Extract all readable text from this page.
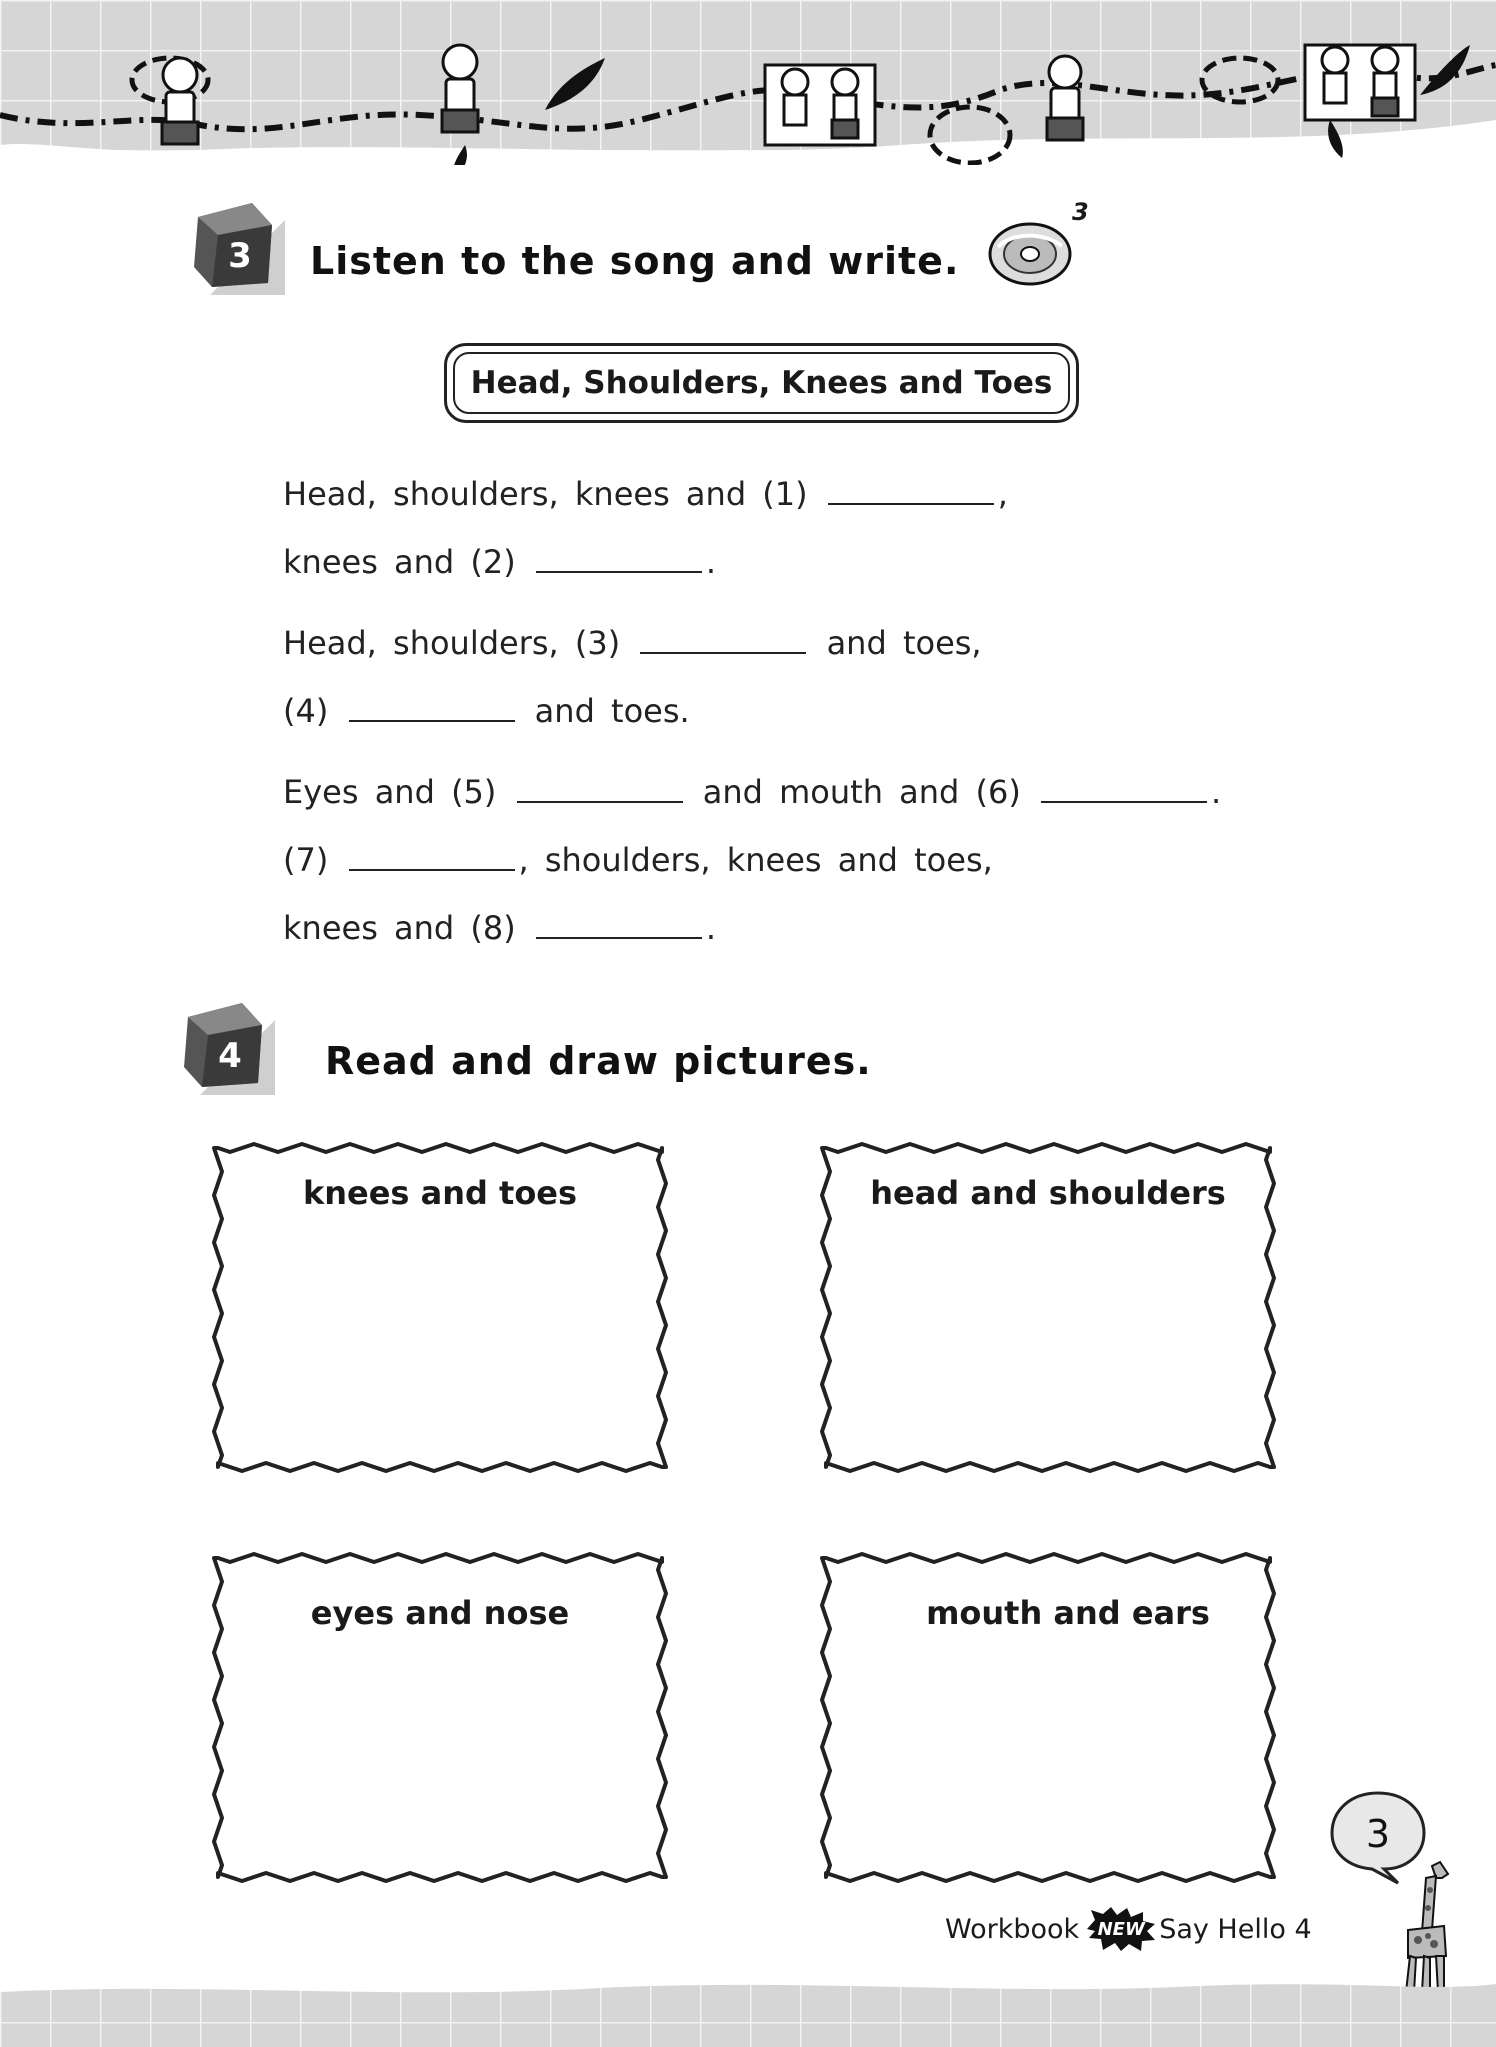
3 Listen to the song and write.
3
Head, Shoulders, Knees and Toes
Head, shoulders, knees and (1)	,
knees and (2)	.
Head, shoulders, (3)	and toes,
(4)	and toes.
Eyes and (5)	and mouth and (6)	.
(7)	, shoulders, knees and toes,
knees and (8)	.
4 Read and draw pictures.
knees and toes	head and shoulders
eyes and nose	mouth and ears
3
Workbook	NEW Say Hello 4
